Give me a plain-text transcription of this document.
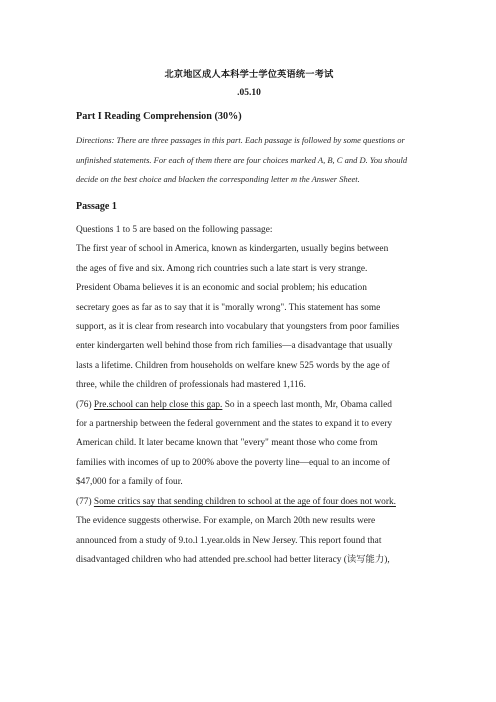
北京地区成人本科学士学位英语统一考试
.05.10
Part I Reading Comprehension (30%)
Directions: There are three passages in this part. Each passage is followed by some questions or
unfinished statements. For each of them there are four choices marked A, B, C and D. You should
decide on the best choice and blacken the corresponding letter m the Answer Sheet.
Passage 1
Questions 1 to 5 are based on the following passage:
The first year of school in America, known as kindergarten, usually begins between
the ages of five and six. Among rich countries such a late start is very strange.
President Obama believes it is an economic and social problem; his education
secretary goes as far as to say that it is "morally wrong". This statement has some
support, as it is clear from research into vocabulary that youngsters from poor families
enter kindergarten well behind those from rich families—a disadvantage that usually
lasts a lifetime. Children from households on welfare knew 525 words by the age of
three, while the children of professionals had mastered 1,116.
(76) Pre.school can help close this gap. So in a speech last month, Mr, Obama called
for a partnership between the federal government and the states to expand it to every
American child. It later became known that "every" meant those who come from
families with incomes of up to 200% above the poverty line—equal to an income of
$47,000 for a family of four.
(77) Some critics say that sending children to school at the age of four does not work.
The evidence suggests otherwise. For example, on March 20th new results were
announced from a study of 9.to.l 1.year.olds in New Jersey. This report found that
disadvantaged children who had attended pre.school had better literacy (读写能力),
